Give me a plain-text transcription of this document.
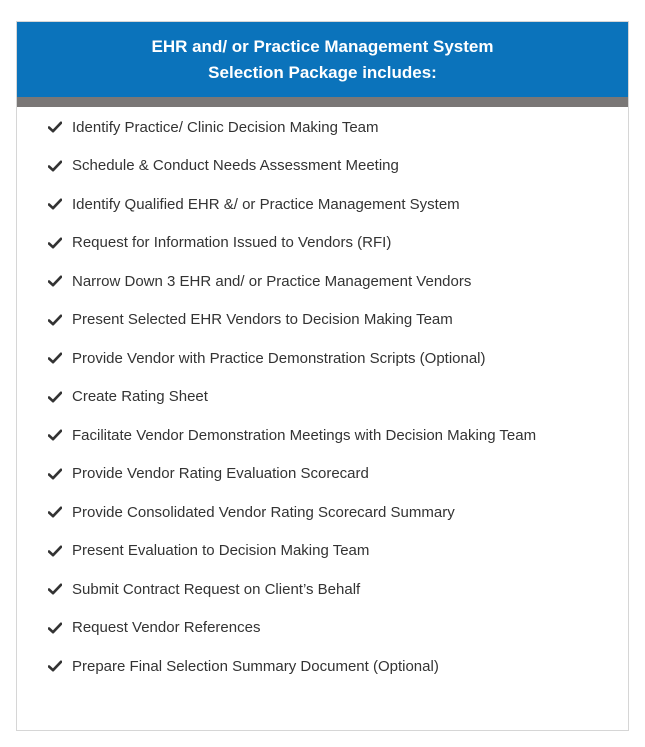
EHR and/ or Practice Management System
Selection Package includes:
Identify Practice/ Clinic Decision Making Team
Schedule & Conduct Needs Assessment Meeting
Identify Qualified EHR &/ or Practice Management System
Request for Information Issued to Vendors (RFI)
Narrow Down 3 EHR and/ or Practice Management Vendors
Present Selected EHR Vendors to Decision Making Team
Provide Vendor with Practice Demonstration Scripts (Optional)
Create Rating Sheet
Facilitate Vendor Demonstration Meetings with Decision Making Team
Provide Vendor Rating Evaluation Scorecard
Provide Consolidated Vendor Rating Scorecard Summary
Present Evaluation to Decision Making Team
Submit Contract Request on Client’s Behalf
Request Vendor References
Prepare Final Selection Summary Document (Optional)
